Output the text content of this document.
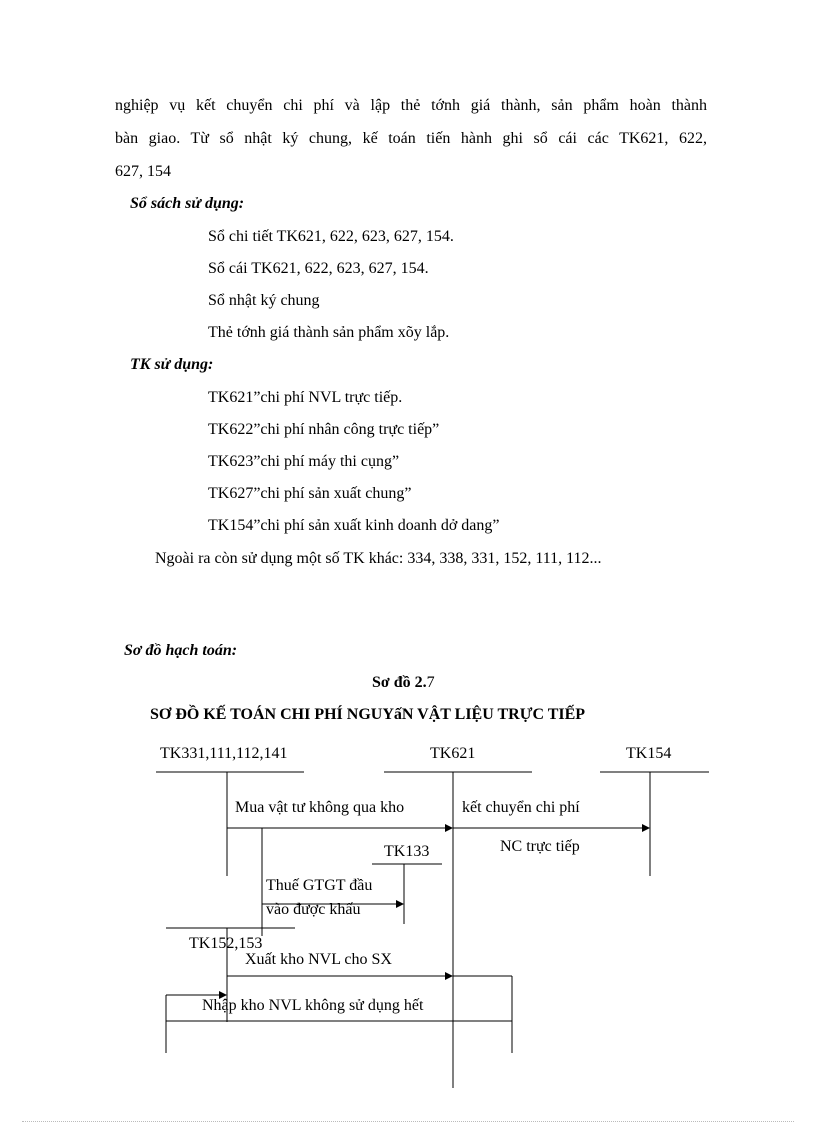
nghiệp vụ kết chuyển chi phí và lập thẻ tớnh giá thành, sản phẩm hoàn thành
bàn giao. Từ sổ nhật ký chung, kế toán tiến hành ghi sổ cái các TK621, 622,
627, 154
Sổ sách sử dụng:
Sổ chi tiết TK621, 622, 623, 627, 154.
Sổ cái TK621, 622, 623, 627, 154.
Sổ nhật ký chung
Thẻ tớnh giá thành sản phẩm xõy lắp.
TK sử dụng:
TK621”chi phí NVL trực tiếp.
TK622”chi phí nhân công trực tiếp”
TK623”chi phí máy thi cụng”
TK627”chi phí sản xuất chung”
TK154”chi phí sản xuất kinh doanh dở dang”
Ngoài ra còn sử dụng một số TK khác: 334, 338, 331, 152, 111, 112...
Sơ đồ hạch toán:
Sơ đồ 2.7
SƠ ĐỒ KẾ TOÁN CHI PHÍ NGUYấN VẬT LIỆU TRỰC TIẾP
TK331,111,112,141	TK621	TK154
TK133
TK152,153
Mua vật tư không qua kho	kết chuyển chi phí
NC trực tiếp
Thuế GTGT đầu
vào được khấu
Xuất kho NVL cho SX
Nhập kho NVL không sử dụng hết
